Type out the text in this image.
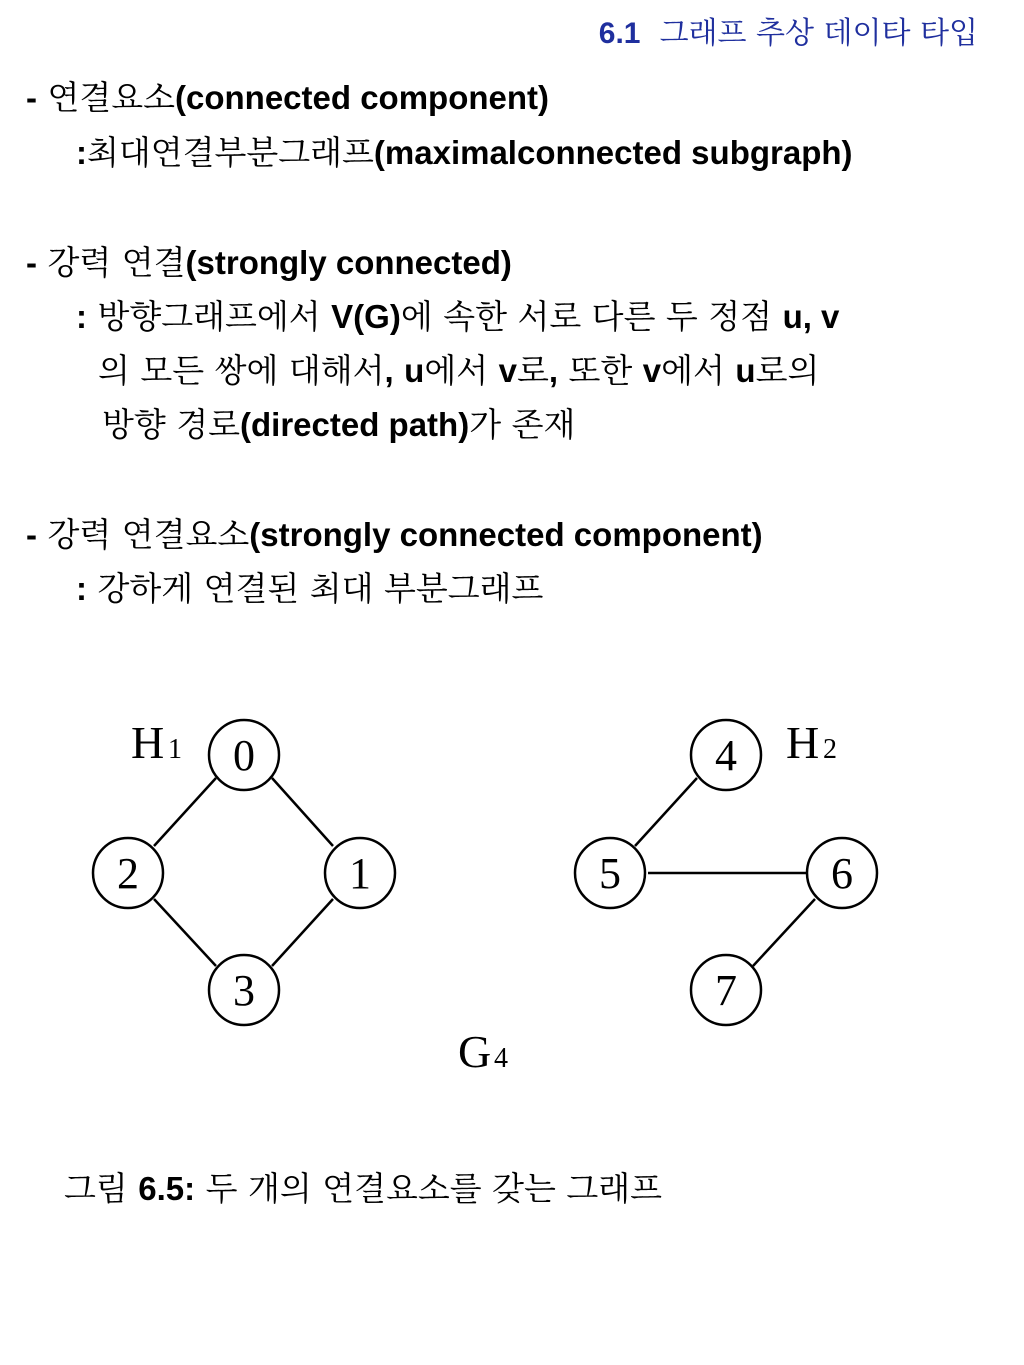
6.1 그래프 추상 데이타 타입
- 연결요소(connected component)
:최대연결부분그래프(maximalconnected subgraph)
- 강력 연결(strongly connected)
: 방향그래프에서 V(G)에 속한 서로 다른 두 정점 u, v
의 모든 쌍에 대해서, u에서 v로, 또한 v에서 u로의
방향 경로(directed path)가 존재
- 강력 연결요소(strongly connected component)
: 강하게 연결된 최대 부분그래프
0
1
2
3
4
5	6
7
H 1	H 2
G 4
그림 6.5: 두 개의 연결요소를 갖는 그래프
